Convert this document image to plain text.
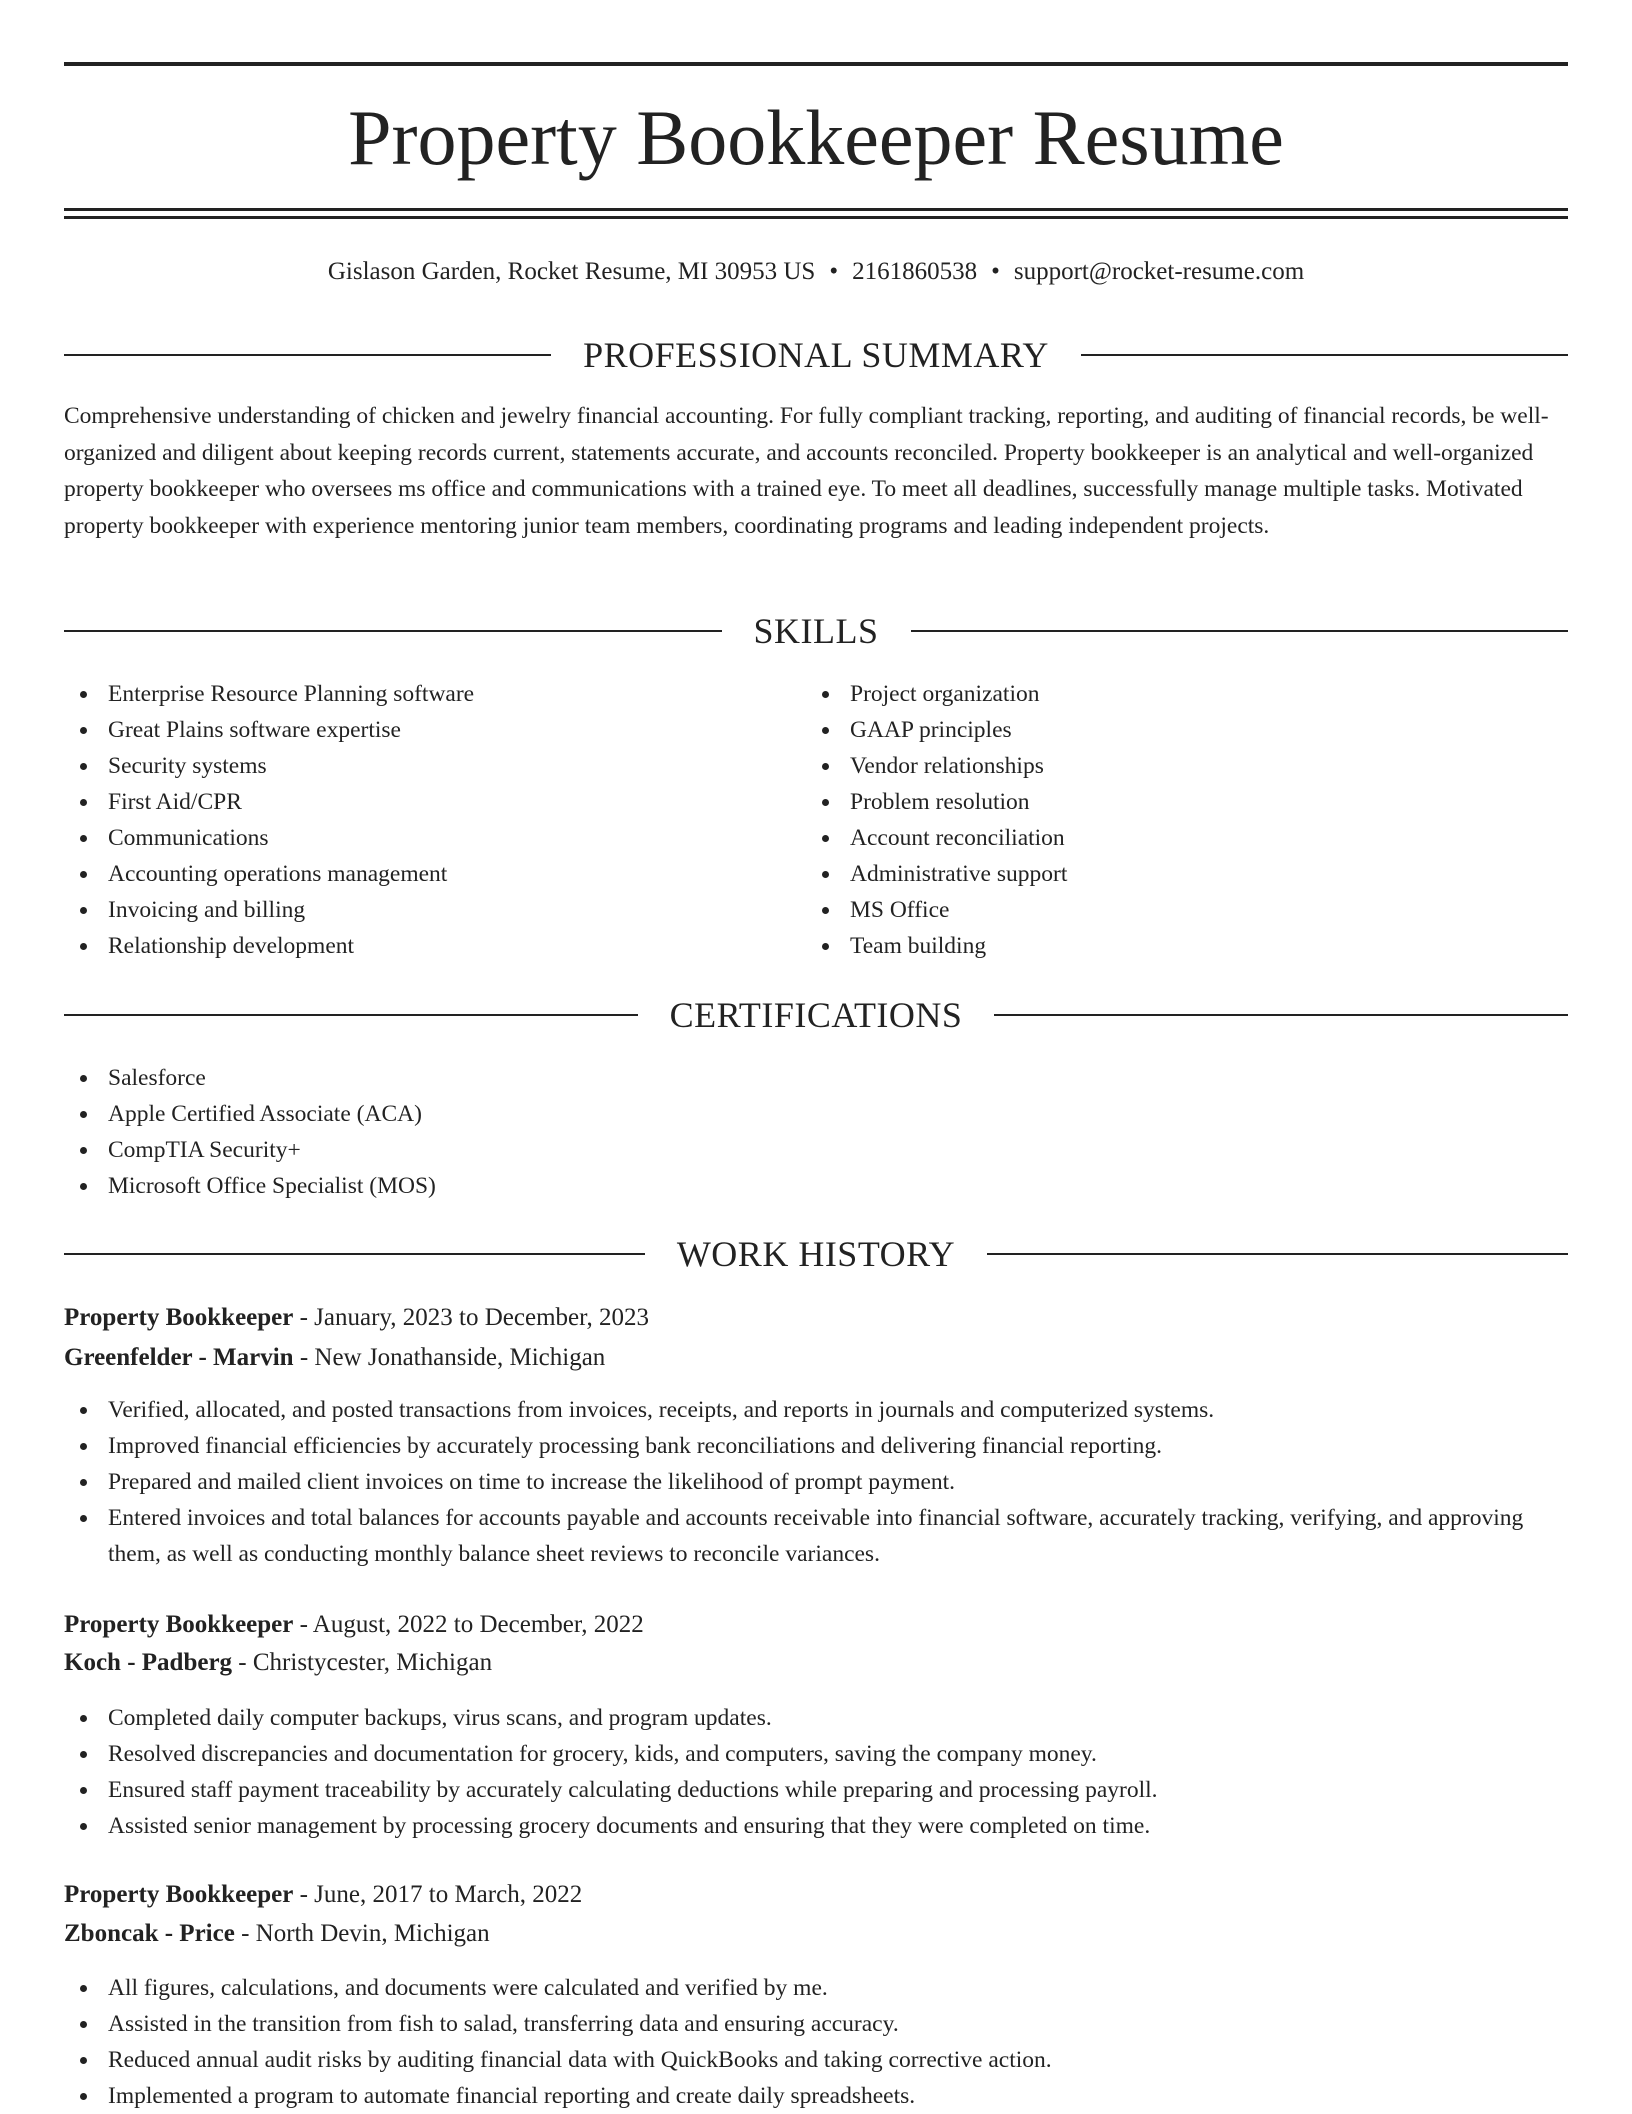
Property Bookkeeper Resume
Gislason Garden, Rocket Resume, MI 30953 US • 2161860538 • support@rocket-resume.com
PROFESSIONAL SUMMARY

Comprehensive understanding of chicken and jewelry financial accounting. For fully compliant tracking, reporting, and auditing of financial records, be well-organized and diligent about keeping records current, statements accurate, and accounts reconciled. Property bookkeeper is an analytical and well-organized property bookkeeper who oversees ms office and communications with a trained eye. To meet all deadlines, successfully manage multiple tasks. Motivated property bookkeeper with experience mentoring junior team members, coordinating programs and leading independent projects.

SKILLS
Enterprise Resource Planning software
Great Plains software expertise
Security systems
First Aid/CPR
Communications
Accounting operations management
Invoicing and billing
Relationship development
Project organization
GAAP principles
Vendor relationships
Problem resolution
Account reconciliation
Administrative support
MS Office
Team building
CERTIFICATIONS
Salesforce
Apple Certified Associate (ACA)
CompTIA Security+
Microsoft Office Specialist (MOS)
WORK HISTORY
Property Bookkeeper - January, 2023 to December, 2023
Greenfelder - Marvin - New Jonathanside, Michigan
Verified, allocated, and posted transactions from invoices, receipts, and reports in journals and computerized systems.
Improved financial efficiencies by accurately processing bank reconciliations and delivering financial reporting.
Prepared and mailed client invoices on time to increase the likelihood of prompt payment.
Entered invoices and total balances for accounts payable and accounts receivable into financial software, accurately tracking, verifying, and approving them, as well as conducting monthly balance sheet reviews to reconcile variances.
Property Bookkeeper - August, 2022 to December, 2022
Koch - Padberg - Christycester, Michigan
Completed daily computer backups, virus scans, and program updates.
Resolved discrepancies and documentation for grocery, kids, and computers, saving the company money.
Ensured staff payment traceability by accurately calculating deductions while preparing and processing payroll.
Assisted senior management by processing grocery documents and ensuring that they were completed on time.
Property Bookkeeper - June, 2017 to March, 2022
Zboncak - Price - North Devin, Michigan
All figures, calculations, and documents were calculated and verified by me.
Assisted in the transition from fish to salad, transferring data and ensuring accuracy.
Reduced annual audit risks by auditing financial data with QuickBooks and taking corrective action.
Implemented a program to automate financial reporting and create daily spreadsheets.
